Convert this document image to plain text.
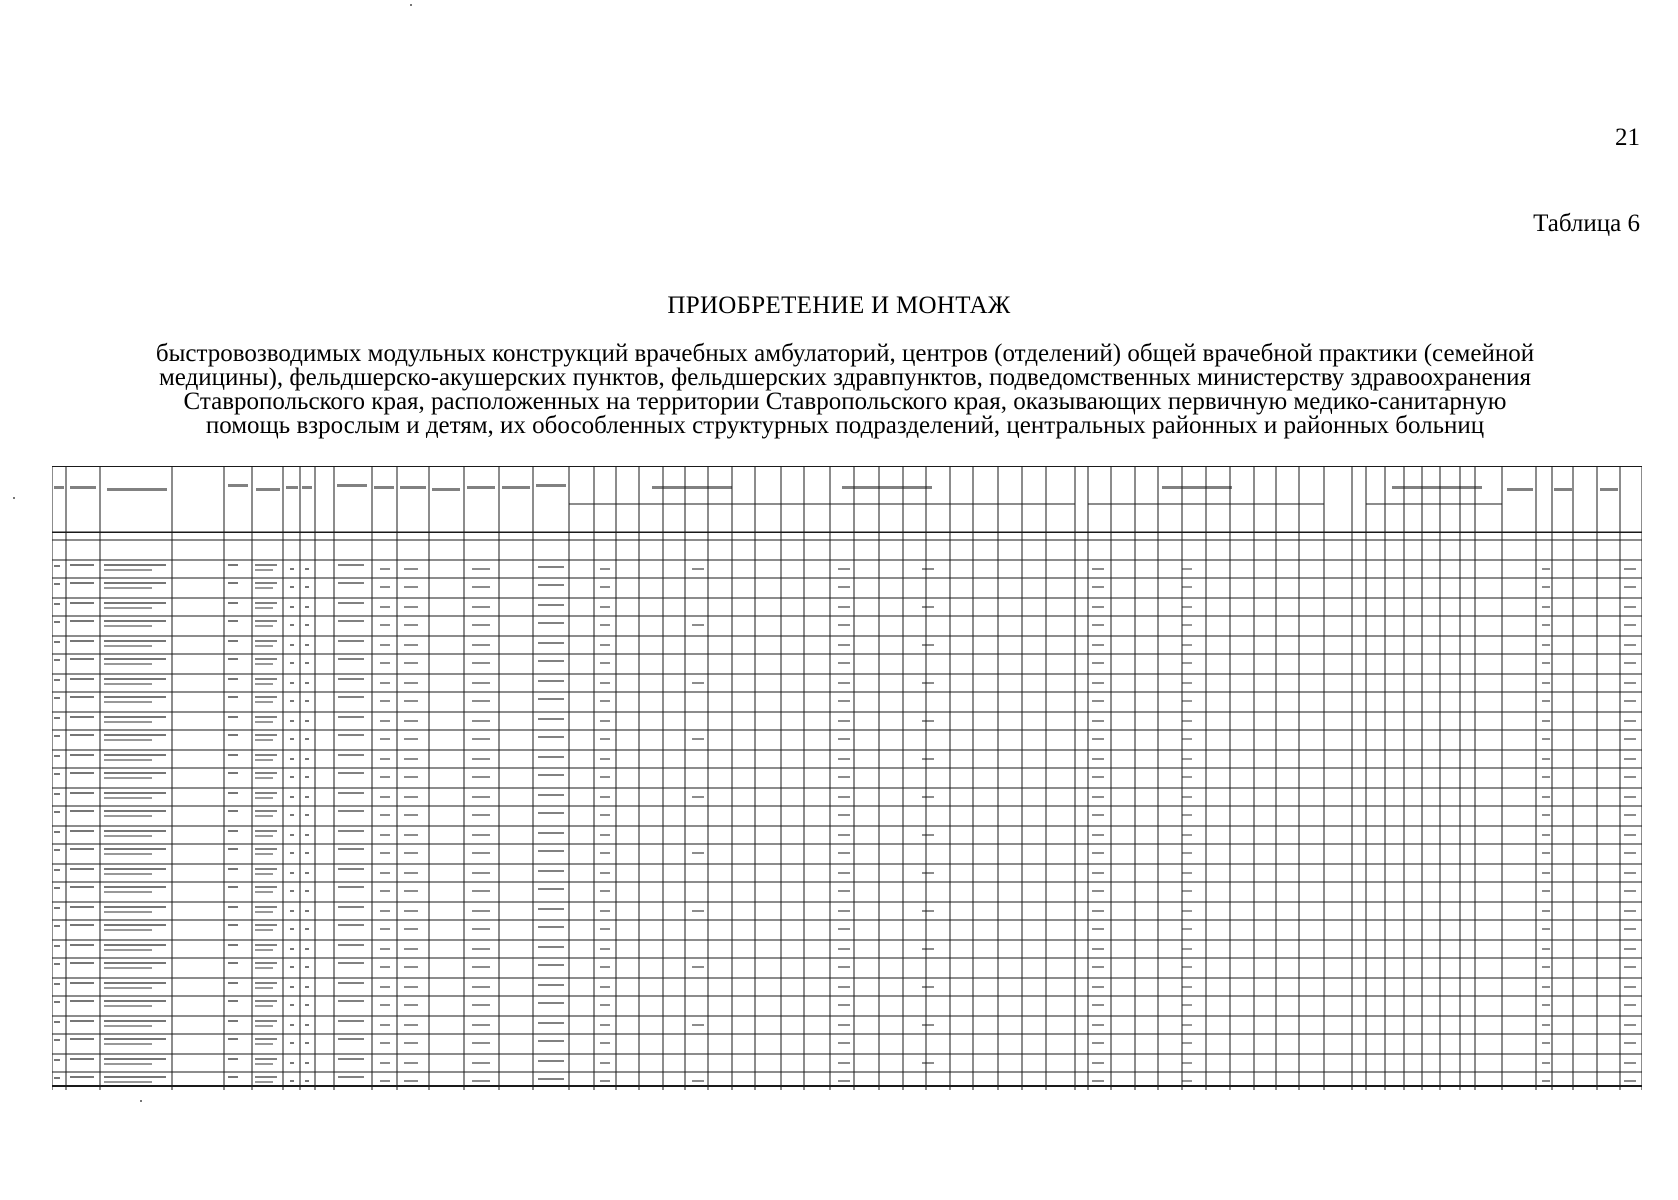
21
Таблица 6
ПРИОБРЕТЕНИЕ И МОНТАЖ
быстровозводимых модульных конструкций врачебных амбулаторий, центров (отделений) общей врачебной практики (семейной
медицины), фельдшерско-акушерских пунктов, фельдшерских здравпунктов, подведомственных министерству здравоохранения
Ставропольского края, расположенных на территории Ставропольского края, оказывающих первичную медико-санитарную
помощь взрослым и детям, их обособленных структурных подразделений, центральных районных и районных больниц
